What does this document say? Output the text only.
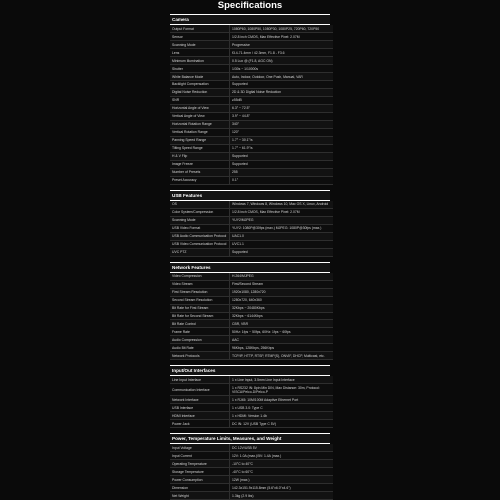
Specifications
Camera
Output Format	1080P60, 1080P50, 1080P30, 1080P25, 720P60, 720P50
Sensor	1/2.8 inch CMOS, Max Effective Pixel: 2.07M
Scanning Mode	Progressive
Lens	f3.4-71.4mm / 42.3mm, F1.8 - F3.6
Minimum Illumination	0.5 Lux @ (F1.8, AGC ON)
Shutter	1/30s ~ 1/10000s
White Balance Mode	Auto, Indoor, Outdoor, One Push, Manual, VAR
Backlight Compensation	Supported
Digital Noise Reduction	2D & 3D Digital Noise Reduction
SNR	≥55dB
Horizontal Angle of View	6.3° ~ 72.5°
Vertical Angle of View	3.9° ~ 44.8°
Horizontal Rotation Range	340°
Vertical Rotation Range	120°
Panning Speed Range	1.7° ~ 30.1°/s
Tilting Speed Range	1.7° ~ 61.9°/s
H & V Flip	Supported
Image Freeze	Supported
Number of Presets	255
Preset Accuracy	0.1°
USB Features
OS	Windows 7, Windows 8, Windows 10, Mac OS X, Linux, Android
Color System/Compression	1/2.8 inch CMOS, Max Effective Pixel: 2.07M
Scanning Mode	YUY2/MJPEG
USB Video Format	YUY2: 1080P@30fps (max.) MJPEG: 1080P@30fps (max.)
USB Audio Communication Protocol	UAC1.0
USB Video Communication Protocol	UVC1.1
UVC PTZ	Supported
Network Features
Video Compression	H.264/MJPEG
Video Stream	First/Second Stream
First Stream Resolution	1920x1080, 1280x720
Second Stream Resolution	1280x720, 640x360
Bit Rate for First Stream	32Kbps ~ 20480Kbps
Bit Rate for Second Stream	32Kbps ~ 6144Kbps
Bit Rate Control	CBR, VBR
Frame Rate	50Hz: 1fps ~ 50fps, 60Hz: 1fps ~ 60fps
Audio Compression	AAC
Audio Bit Rate	96Kbps, 128Kbps, 256Kbps
Network Protocols	TCP/IP, HTTP, RTSP, RTMP(S), ONVIF, DHCP, Multicast, etc.
Input/Out Interfaces
Line Input Interface	1 x Line Input, 3.5mm Line Input Interface
Communication Interface	1 x RS232 IN: 8pin Min DIN, Max Distance: 30m, Protocol: VISCA/Pelco-D/Pelco-P
Network Interface	1 x RJ45: 10M/100M Adaptive Ethernet Port
USB Interface	1 x USB 3.0: Type C
HDMI Interface	1 x HDMI: Version 1.4b
Power Jack	DC IN: 12V (USB Type C 5V)
Power, Temperature Limits, Measures, and Weight
Input Voltage	DC 12V/USB 5V
Input Current	12V: 1.0A (max.)/5V: 1.4A (max.)
Operating Temperature	-10°C to 40°C
Storage Temperature	-40°C to 60°C
Power Consumption	12W (max.)
Dimension	142.3x151.9x115.8mm (5.6"x6.0"x4.6")
Net Weight	1.3kg (2.9 lbs)
